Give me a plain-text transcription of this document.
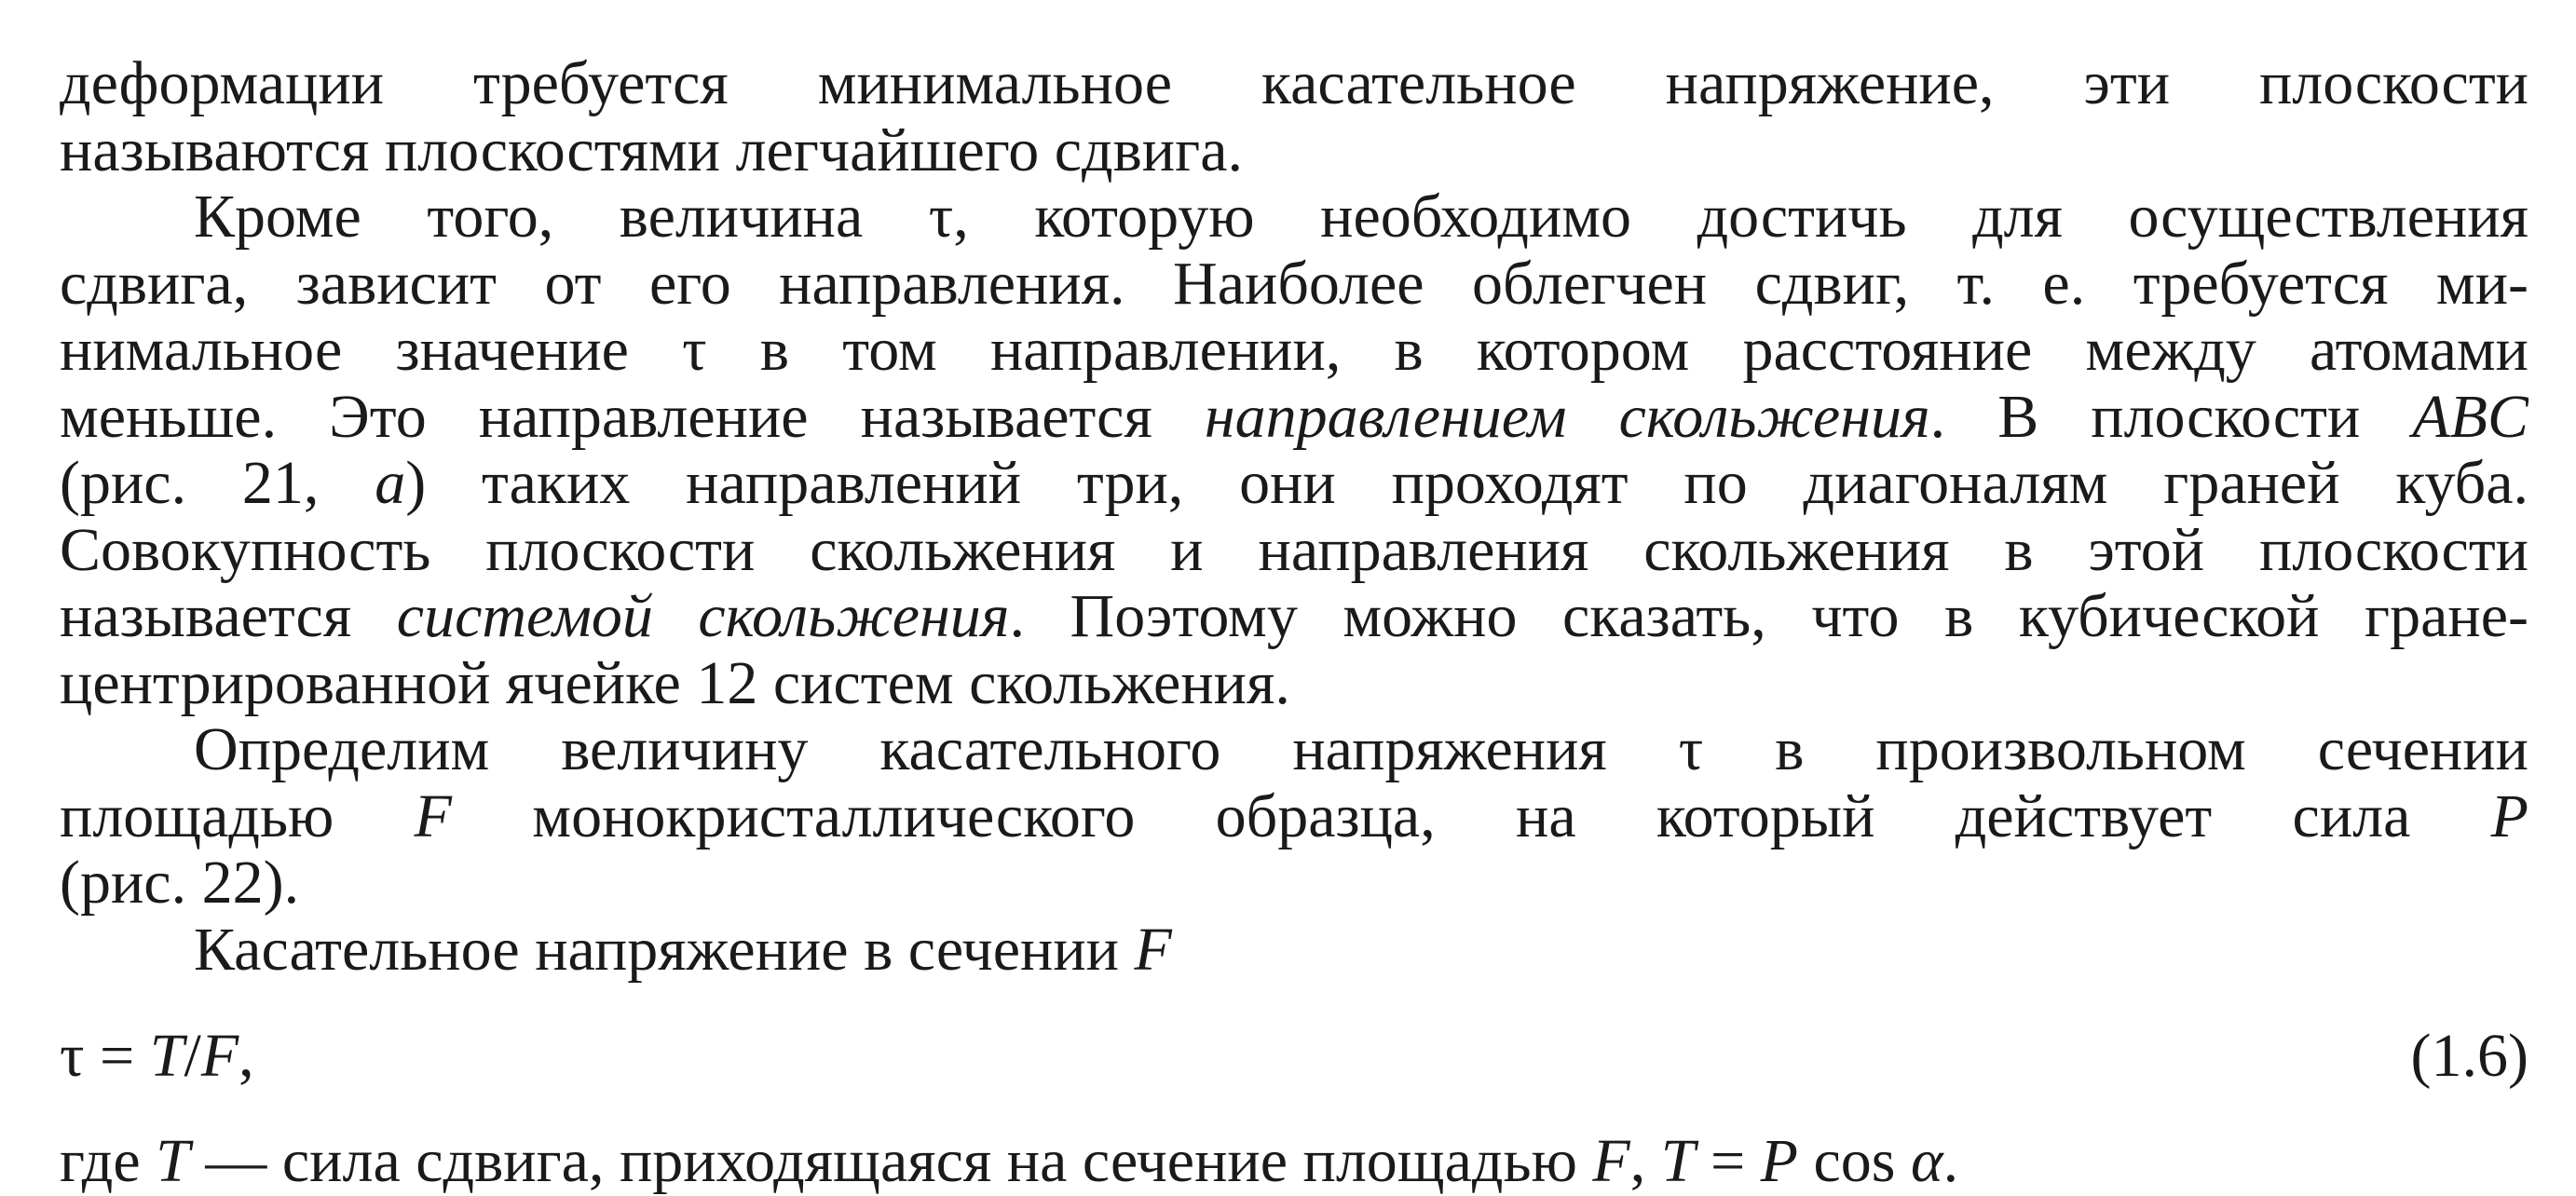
деформации требуется минимальное касательное напряжение, эти плоскости
называются плоскостями легчайшего сдвига.
Кроме того, величина τ, которую необходимо достичь для осуществления
сдвига, зависит от его направления. Наиболее облегчен сдвиг, т. е. требуется ми-
нимальное значение τ в том направлении, в котором расстояние между атомами
меньше. Это направление называется направлением скольжения. В плоскости ABC
(рис. 21, а) таких направлений три, они проходят по диагоналям граней куба.
Совокупность плоскости скольжения и направления скольжения в этой плоскости
называется системой скольжения. Поэтому можно сказать, что в кубической гране-
центрированной ячейке 12 систем скольжения.
Определим величину касательного напряжения τ в произвольном сечении
площадью F монокристаллического образца, на который действует сила P
(рис. 22).
Касательное напряжение в сечении F
τ = T/F,	(1.6)
где T — сила сдвига, приходящаяся на сечение площадью F, T = P cos α.
